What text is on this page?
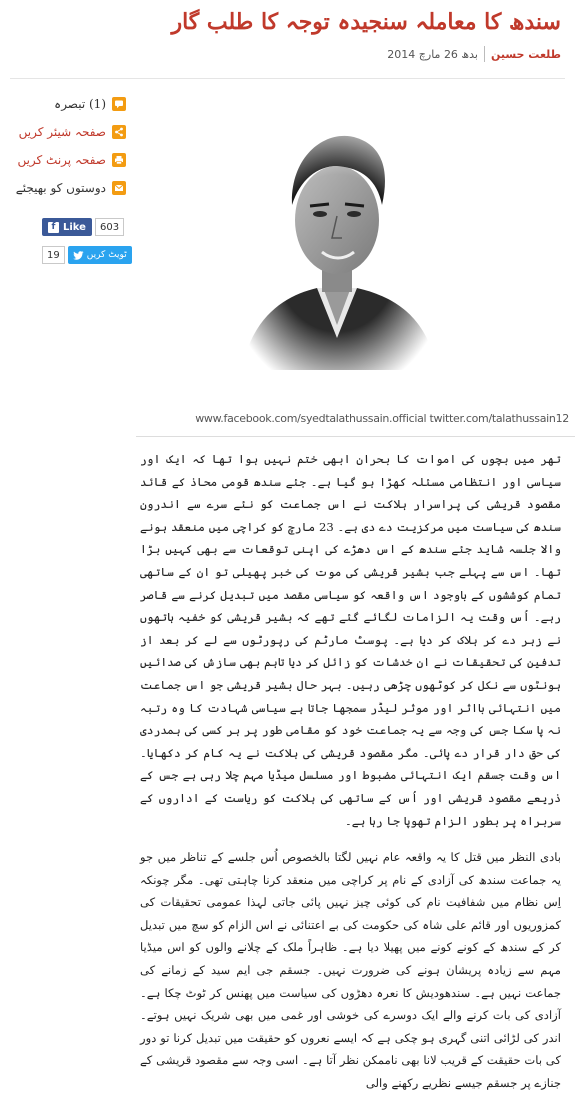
سندھ کا معاملہ سنجیدہ توجہ کا طلب گار
طلعت حسین
بدھ 26 مارچ 2014
(1) تبصرہ
صفحہ شیئر کریں
صفحہ پرنٹ کریں
دوستوں کو بھیجئے
f Like	603
19	ٹویٹ کریں
www.facebook.com/syedtalathussain.official twitter.com/talathussain12

تھر میں بچوں کی اموات کا بحران ابھی ختم نہیں ہوا تھا کہ ایک اور سیاسی اور انتظامی مسئلہ کھڑا ہو گیا ہے۔ جئے سندھ قومی محاذ کے قائد مقصود قریشی کی پراسرار ہلاکت نے اس جماعت کو نئے سرے سے اندرون سندھ کی سیاست میں مرکزیت دے دی ہے۔ 23 مارچ کو کراچی میں منعقد ہونے والا جلسہ شاید جئے سندھ کے اس دھڑے کی اپنی توقعات سے بھی کہیں بڑا تھا۔ اس سے پہلے جب بشیر قریشی کی موت کی خبر پھیلی تو ان کے ساتھی تمام کوششوں کے باوجود اس واقعہ کو سیاسی مقصد میں تبدیل کرنے سے قاصر رہے۔ اُس وقت یہ الزامات لگائے گئے تھے کہ بشیر قریشی کو خفیہ ہاتھوں نے زہر دے کر ہلاک کر دیا ہے۔ پوسٹ مارٹم کی رپورٹوں سے لے کر بعد از تدفین کی تحقیقات نے ان خدشات کو زائل کر دیا تاہم بھی سازش کی صدائیں ہونٹوں سے نکل کر کوٹھوں چڑھی رہیں۔ بہر حال بشیر قریشی جو اس جماعت میں انتہائی بااثر اور موثر لیڈر سمجھا جاتا ہے سیاسی شہادت کا وہ رتبہ نہ پا سکا جس کی وجہ سے یہ جماعت خود کو مقامی طور پر ہر کسی کی ہمدردی کی حق دار قرار دے پائی۔ مگر مقصود قریشی کی ہلاکت نے یہ کام کر دکھایا۔ اس وقت جسقم ایک انتہائی مضبوط اور مسلسل میڈیا مہم چلا رہی ہے جس کے ذریعے مقصود قریشی اور اُس کے ساتھی کی ہلاکت کو ریاست کے اداروں کے سربراہ پر بطور الزام تھوپا جا رہا ہے۔

بادی النظر میں قتل کا یہ واقعہ عام نہیں لگتا بالخصوص اُس جلسے کے تناظر میں جو یہ جماعت سندھ کی آزادی کے نام پر کراچی میں منعقد کرنا چاہتی تھی۔ مگر چونکہ اِس نظام میں شفافیت نام کی کوئی چیز نہیں پائی جاتی لہذا عمومی تحقیقات کی کمزوریوں اور قائم علی شاہ کی حکومت کی بے اعتنائی نے اس الزام کو سچ میں تبدیل کر کے سندھ کے کونے کونے میں پھیلا دیا ہے۔ ظاہراً ملک کے چلانے والوں کو اس میڈیا مہم سے زیادہ پریشان ہونے کی ضرورت نہیں۔ جسقم جی ایم سید کے زمانے کی جماعت نہیں ہے۔ سندھودیش کا نعرہ دھڑوں کی سیاست میں پھنس کر ٹوٹ چکا ہے۔ آزادی کی بات کرنے والے ایک دوسرے کی خوشی اور غمی میں بھی شریک نہیں ہوتے۔ اندر کی لڑائی اتنی گہری ہو چکی ہے کہ ایسے نعروں کو حقیقت میں تبدیل کرنا تو دور کی بات حقیقت کے قریب لانا بھی ناممکن نظر آتا ہے۔ اسی وجہ سے مقصود قریشی کے جنازے پر جسقم جیسے نظریے رکھنے والی
